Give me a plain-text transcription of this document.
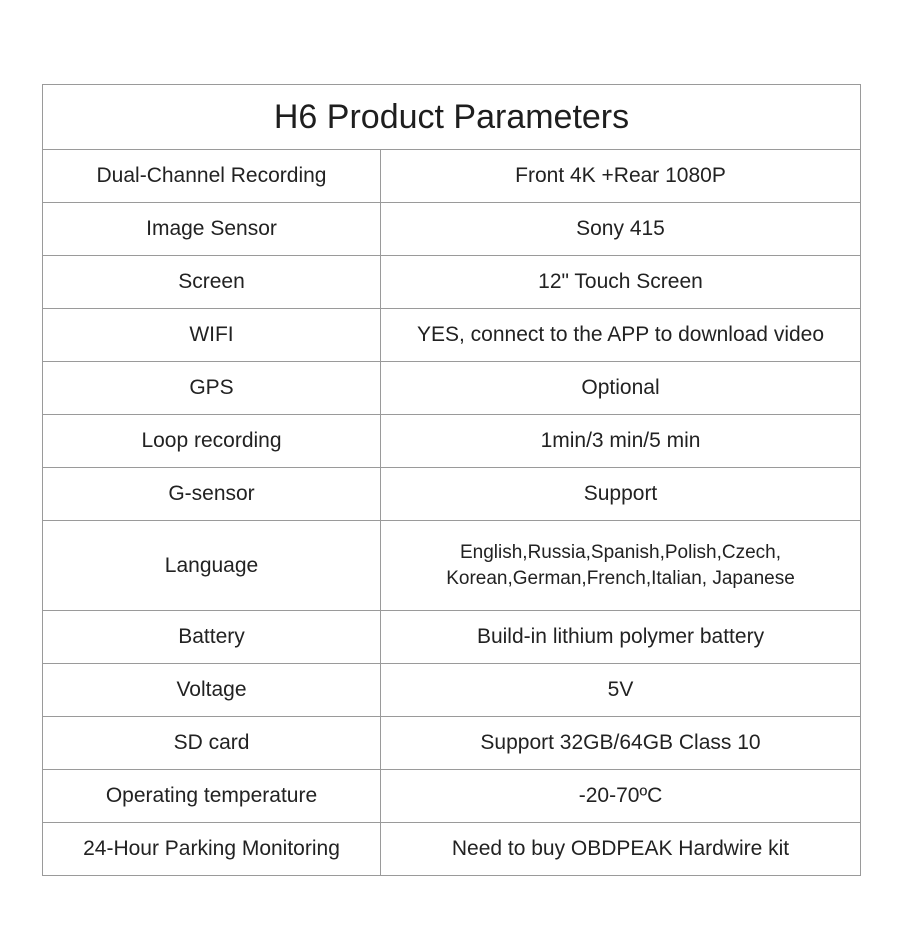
H6 Product Parameters	
Dual-Channel Recording	Front 4K +Rear 1080P
Image Sensor	Sony 415
Screen	12" Touch Screen
WIFI	YES, connect to the APP to download video
GPS	Optional
Loop recording	1min/3 min/5 min
G-sensor	Support
Language	English,Russia,Spanish,Polish,Czech,
Korean,German,French,Italian, Japanese

Battery	Build-in lithium polymer battery
Voltage	5V
SD card	Support 32GB/64GB Class 10
Operating temperature	-20-70ºC
24-Hour Parking Monitoring	Need to buy OBDPEAK Hardwire kit
